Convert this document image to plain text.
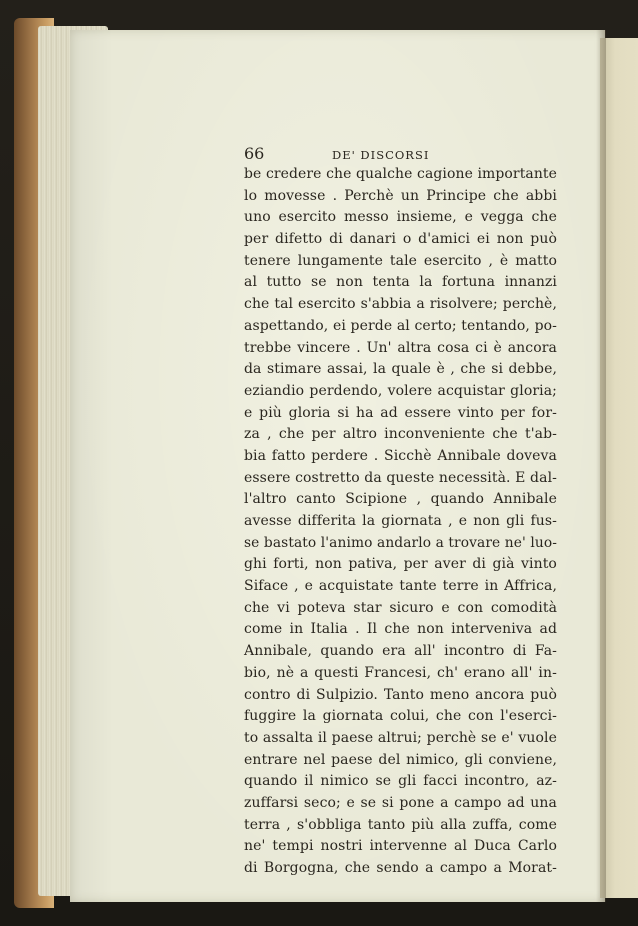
66	DE' DISCORSI
be credere che qualche cagione importante
lo movesse . Perchè un Principe che abbi
uno esercito messo insieme, e vegga che
per difetto di danari o d'amici ei non può
tenere lungamente tale esercito , è matto
al tutto se non tenta la fortuna innanzi
che tal esercito s'abbia a risolvere; perchè,
aspettando, ei perde al certo; tentando, po-
trebbe vincere . Un' altra cosa ci è ancora
da stimare assai, la quale è , che si debbe,
eziandio perdendo, volere acquistar gloria;
e più gloria si ha ad essere vinto per for-
za , che per altro inconveniente che t'ab-
bia fatto perdere . Sicchè Annibale doveva
essere costretto da queste necessità. E dal-
l'altro canto Scipione , quando Annibale
avesse differita la giornata , e non gli fus-
se bastato l'animo andarlo a trovare ne' luo-
ghi forti, non pativa, per aver di già vinto
Siface , e acquistate tante terre in Affrica,
che vi poteva star sicuro e con comodità
come in Italia . Il che non interveniva ad
Annibale, quando era all' incontro di Fa-
bio, nè a questi Francesi, ch' erano all' in-
contro di Sulpizio. Tanto meno ancora può
fuggire la giornata colui, che con l'eserci-
to assalta il paese altrui; perchè se e' vuole
entrare nel paese del nimico, gli conviene,
quando il nimico se gli facci incontro, az-
zuffarsi seco; e se si pone a campo ad una
terra , s'obbliga tanto più alla zuffa, come
ne' tempi nostri intervenne al Duca Carlo
di Borgogna, che sendo a campo a Morat-
